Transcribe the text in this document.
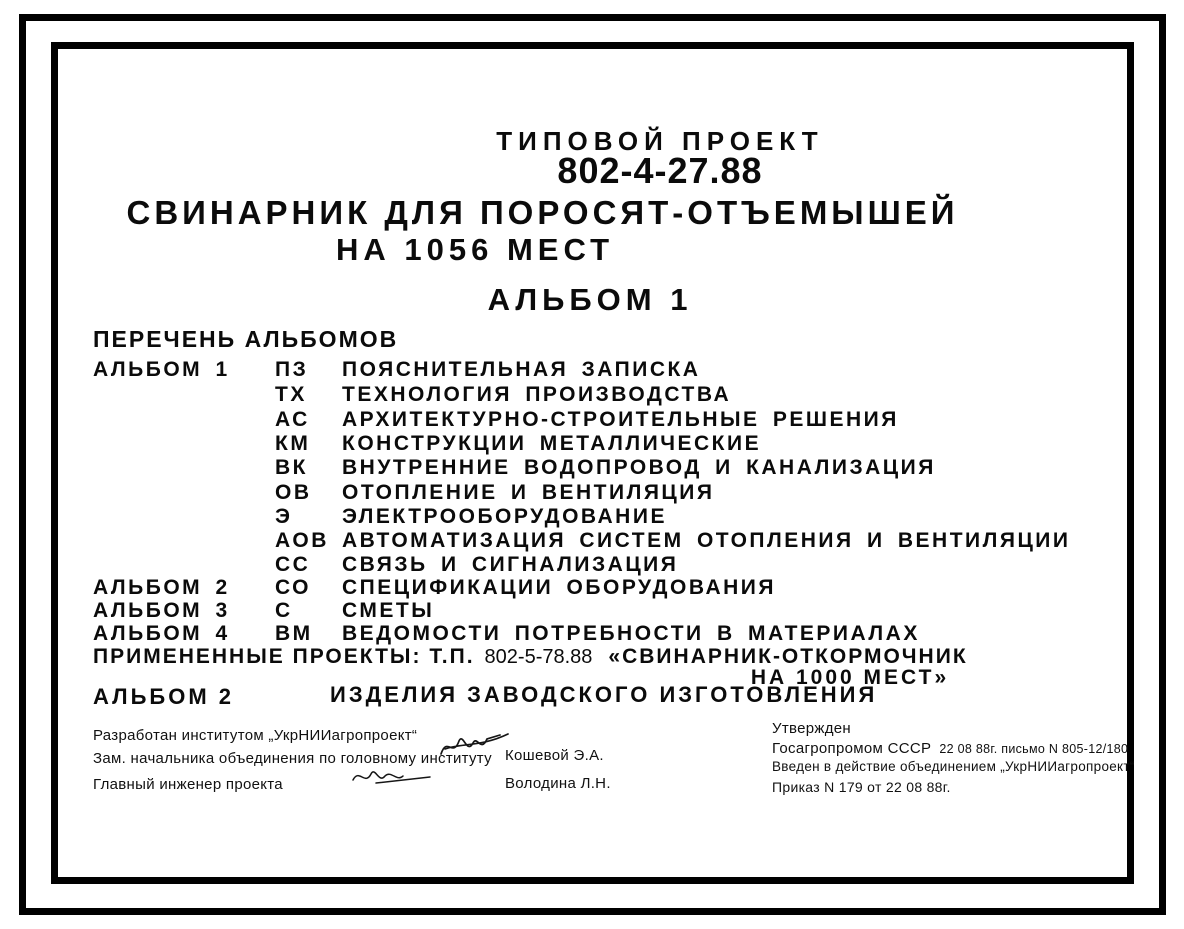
ТИПОВОЙ ПРОЕКТ
802-4-27.88
СВИНАРНИК ДЛЯ ПОРОСЯТ-ОТЪЕМЫШЕЙ
НА 1056 МЕСТ
АЛЬБОМ 1
ПЕРЕЧЕНЬ АЛЬБОМОВ
АЛЬБОМ 1 ПЗ ПОЯСНИТЕЛЬНАЯ ЗАПИСКА
ТХ ТЕХНОЛОГИЯ ПРОИЗВОДСТВА
АС АРХИТЕКТУРНО-СТРОИТЕЛЬНЫЕ РЕШЕНИЯ
КМ КОНСТРУКЦИИ МЕТАЛЛИЧЕСКИЕ
ВК ВНУТРЕННИЕ ВОДОПРОВОД И КАНАЛИЗАЦИЯ
ОВ ОТОПЛЕНИЕ И ВЕНТИЛЯЦИЯ
Э ЭЛЕКТРООБОРУДОВАНИЕ
АОВ АВТОМАТИЗАЦИЯ СИСТЕМ ОТОПЛЕНИЯ И ВЕНТИЛЯЦИИ
СС СВЯЗЬ И СИГНАЛИЗАЦИЯ
АЛЬБОМ 2 СО СПЕЦИФИКАЦИИ ОБОРУДОВАНИЯ
АЛЬБОМ 3 С СМЕТЫ
АЛЬБОМ 4 ВМ ВЕДОМОСТИ ПОТРЕБНОСТИ В МАТЕРИАЛАХ
ПРИМЕНЕННЫЕ ПРОЕКТЫ: Т.П. 802-5-78.88 «СВИНАРНИК-ОТКОРМОЧНИК
НА 1000 МЕСТ»
АЛЬБОМ 2	ИЗДЕЛИЯ ЗАВОДСКОГО ИЗГОТОВЛЕНИЯ
Разработан институтом „УкрНИИагропроект“
Зам. начальника объединения по головному институту Кошевой Э.А.
Главный инженер проекта	Володина Л.Н.
Утвержден
Госагропромом СССР 22 08 88г. письмо N 805-12/180
Введен в действие объединением „УкрНИИагропроект“
Приказ N 179 от 22 08 88г.
